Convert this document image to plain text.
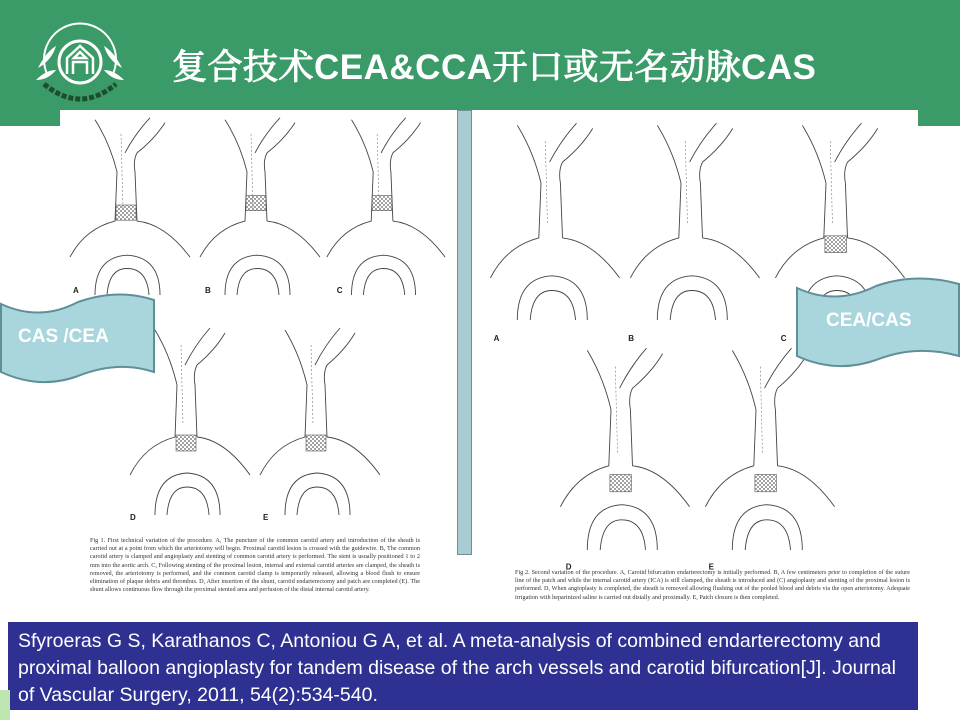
复合技术CEA&CCA开口或无名动脉CAS
A	B	C
D	E
Fig 1. First technical variation of the procedure. A, The puncture of the common carotid artery and introduction of the sheath is carried out at a point from which the arteriotomy will begin. Proximal carotid lesion is crossed with the guidewire. B, The common carotid artery is clamped and angioplasty and stenting of common carotid artery is performed. The stent is usually positioned 1 to 2 mm into the aortic arch. C, Following stenting of the proximal lesion, internal and external carotid arteries are clamped, the sheath is removed, the arteriotomy is performed, and the common carotid clamp is temporarily released, allowing a blood flush to ensure elimination of plaque debris and thrombus. D, After insertion of the shunt, carotid endarterectomy and patch are completed (E). The shunt allows continuous flow through the proximal stented area and perfusion of the distal internal carotid artery.
A	B	C
D	E
Fig 2. Second variation of the procedure. A, Carotid bifurcation endarterectomy is initially performed. B, A few centimeters prior to completion of the suture line of the patch and while the internal carotid artery (ICA) is still clamped, the sheath is introduced and (C) angioplasty and stenting of the proximal lesion is performed. D, When angioplasty is completed, the sheath is removed allowing flushing out of the pooled blood and debris via the open arteriotomy. Adequate irrigation with heparinized saline is carried out distally and proximally. E, Patch closure is then completed.
CAS /CEA
CEA/CAS
Sfyroeras G S, Karathanos C, Antoniou G A, et al. A meta-analysis of combined endarterectomy and proximal balloon angioplasty for tandem disease of the arch vessels and carotid bifurcation[J]. Journal of Vascular Surgery, 2011, 54(2):534-540.
